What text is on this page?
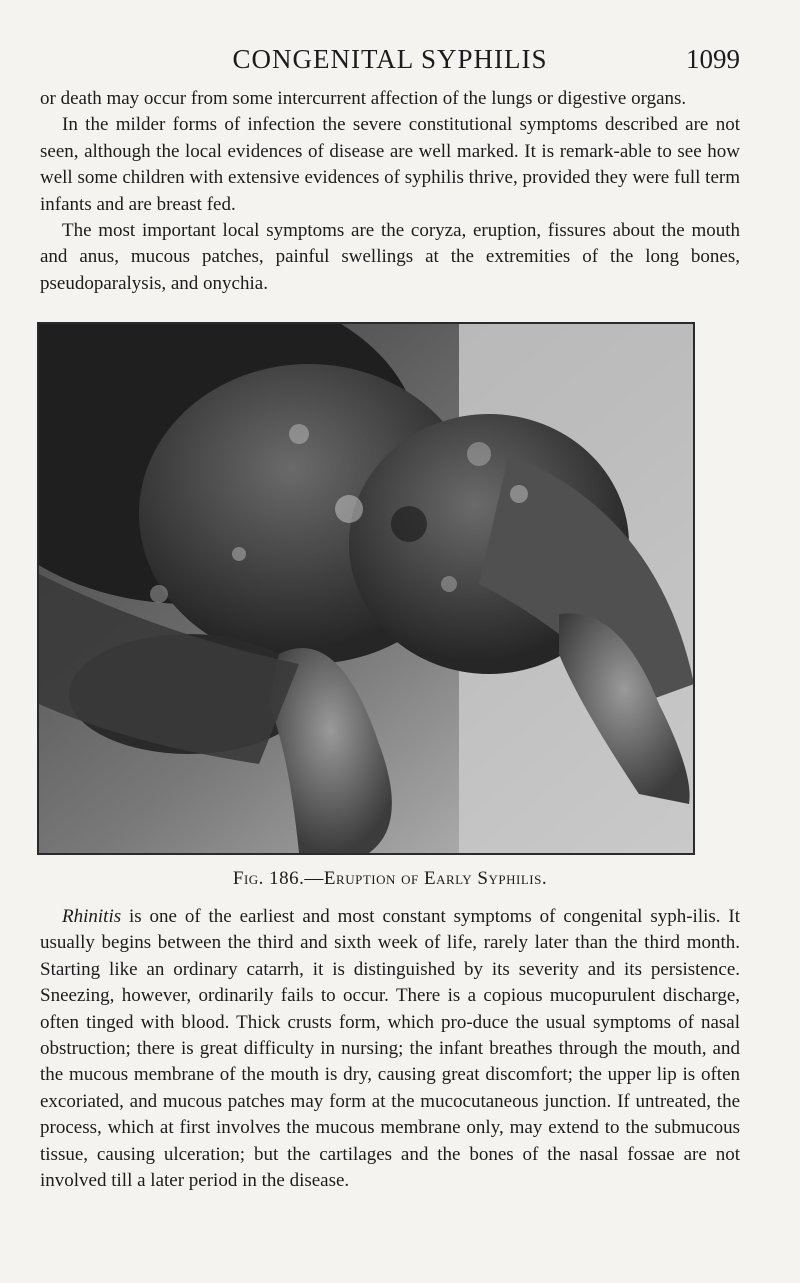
CONGENITAL SYPHILIS	1099

or death may occur from some intercurrent affection of the lungs or digestive organs.

In the milder forms of infection the severe constitutional symptoms described are not seen, although the local evidences of disease are well marked. It is remark-able to see how well some children with extensive evidences of syphilis thrive, provided they were full term infants and are breast fed.

The most important local symptoms are the coryza, eruption, fissures about the mouth and anus, mucous patches, painful swellings at the extremities of the long bones, pseudoparalysis, and onychia.

Fig. 186.—Eruption of Early Syphilis.

Rhinitis is one of the earliest and most constant symptoms of congenital syph-ilis. It usually begins between the third and sixth week of life, rarely later than the third month. Starting like an ordinary catarrh, it is distinguished by its severity and its persistence. Sneezing, however, ordinarily fails to occur. There is a copious mucopurulent discharge, often tinged with blood. Thick crusts form, which pro-duce the usual symptoms of nasal obstruction; there is great difficulty in nursing; the infant breathes through the mouth, and the mucous membrane of the mouth is dry, causing great discomfort; the upper lip is often excoriated, and mucous patches may form at the mucocutaneous junction. If untreated, the process, which at first involves the mucous membrane only, may extend to the submucous tissue, causing ulceration; but the cartilages and the bones of the nasal fossae are not involved till a later period in the disease.
